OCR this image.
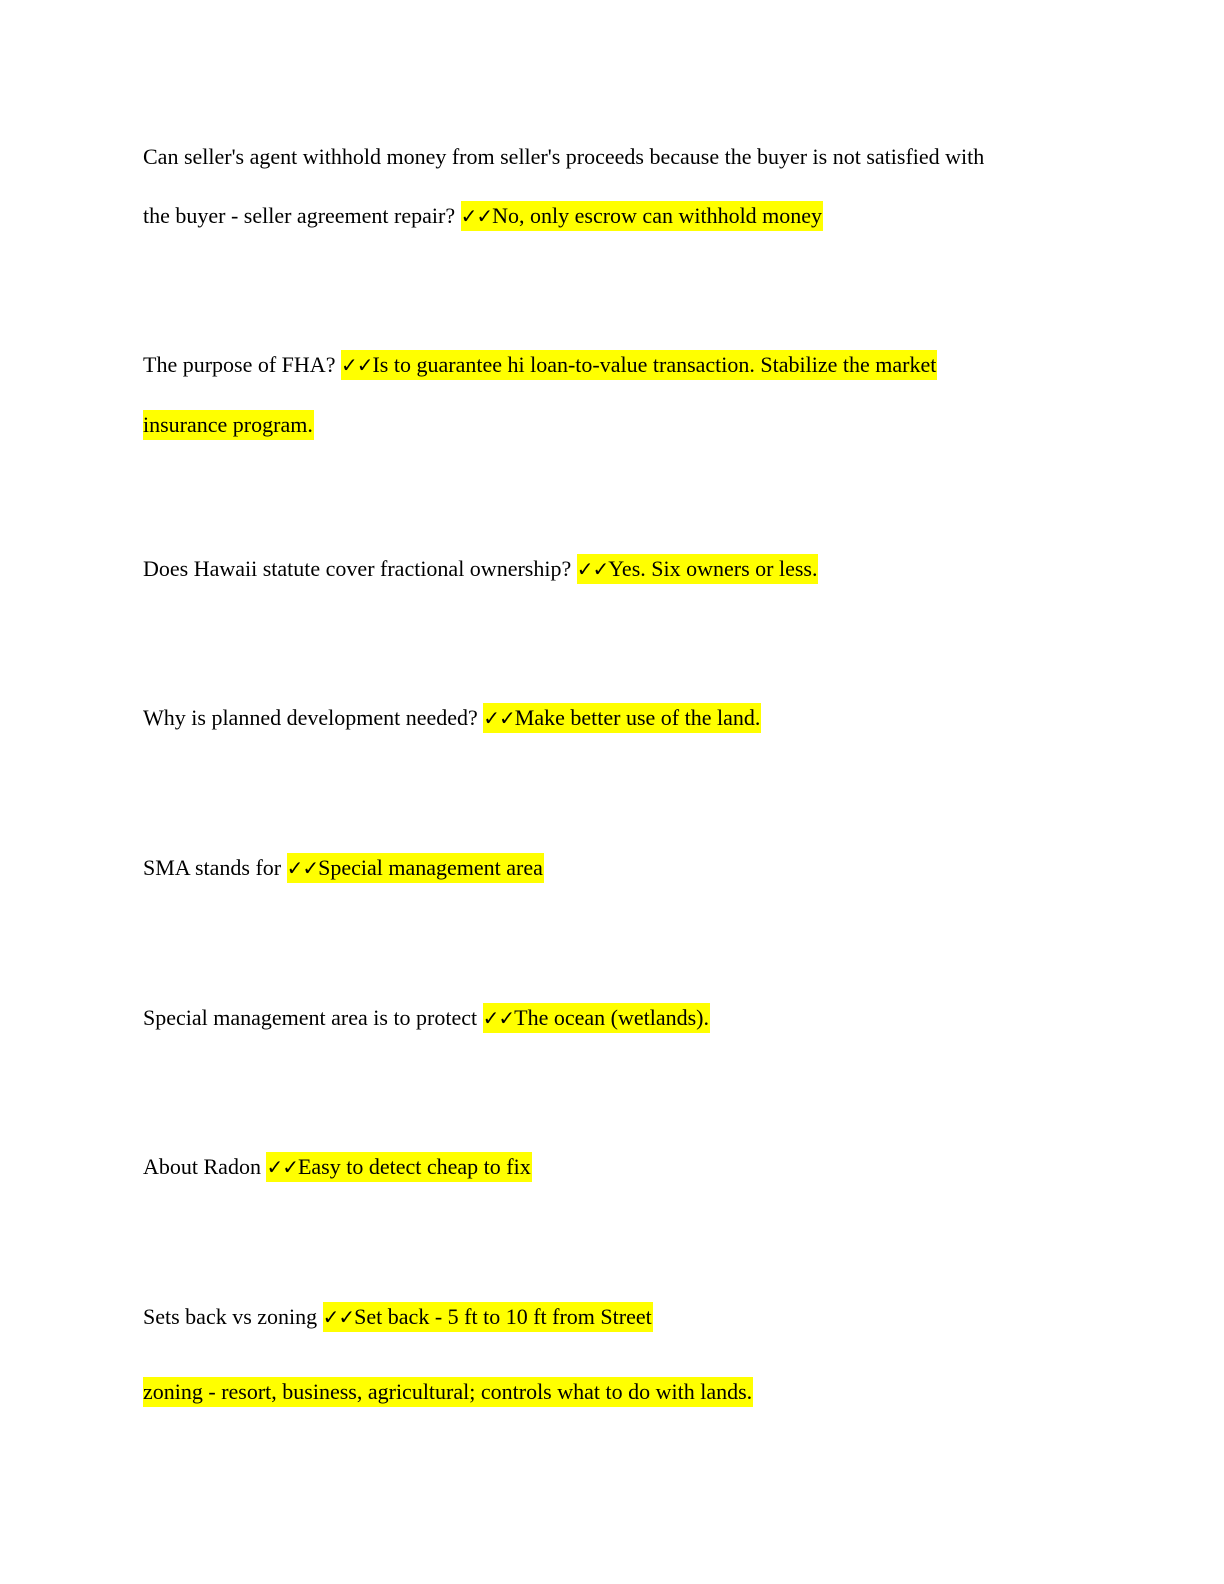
Can seller's agent withhold money from seller's proceeds because the buyer is not satisfied with
the buyer - seller agreement repair? ✓✓No, only escrow can withhold money
The purpose of FHA? ✓✓Is to guarantee hi loan-to-value transaction. Stabilize the market
insurance program.
Does Hawaii statute cover fractional ownership? ✓✓Yes. Six owners or less.
Why is planned development needed? ✓✓Make better use of the land.
SMA stands for ✓✓Special management area
Special management area is to protect ✓✓The ocean (wetlands).
About Radon ✓✓Easy to detect cheap to fix
Sets back vs zoning ✓✓Set back - 5 ft to 10 ft from Street
zoning - resort, business, agricultural; controls what to do with lands.
